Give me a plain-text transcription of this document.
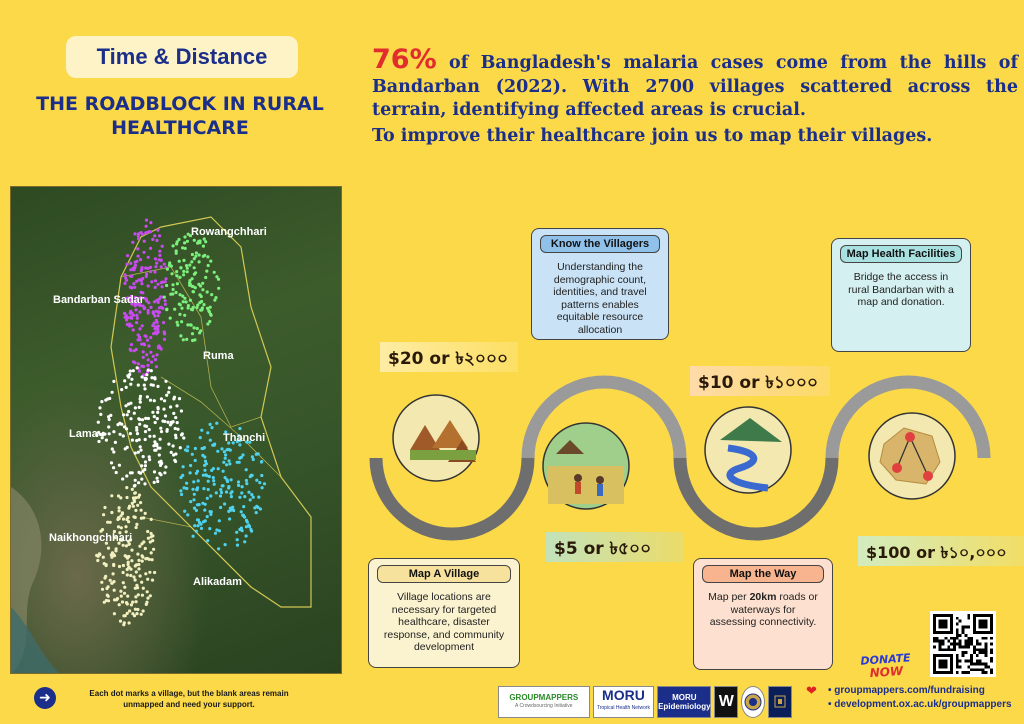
Time & Distance
THE ROADBLOCK IN RURAL HEALTHCARE
76% of Bangladesh's malaria cases come from the hills of Bandarban (2022). With 2700 villages scattered across the terrain, identifying affected areas is crucial.
To improve their healthcare join us to map their villages.
Rowangchhari
Bandarban Sadar
Ruma
Lama	Thanchi
Naikhongchhari
Alikadam
➜	Each dot marks a village, but the blank areas remain unmapped and need your support.
Know the Villagers
Understanding the demographic count, identities, and travel patterns enables equitable resource allocation
Map Health Facilities
Bridge the access in rural Bandarban with a map and donation.
Map A Village
Village locations are necessary for targeted healthcare, disaster response, and community development
Map the Way
Map per 20km roads or waterways for assessing connectivity.
$20 or ৳২০০০
$10 or ৳১০০০
$5 or ৳৫০০	$100 or ৳১০,০০০
DONATE
NOW
GROUPMAPPERS
A Crowdsourcing Initiative
MORU
Tropical Health Network
MORU
Epidemiology W
❤	• groupmappers.com/fundraising
• development.ox.ac.uk/groupmappers
